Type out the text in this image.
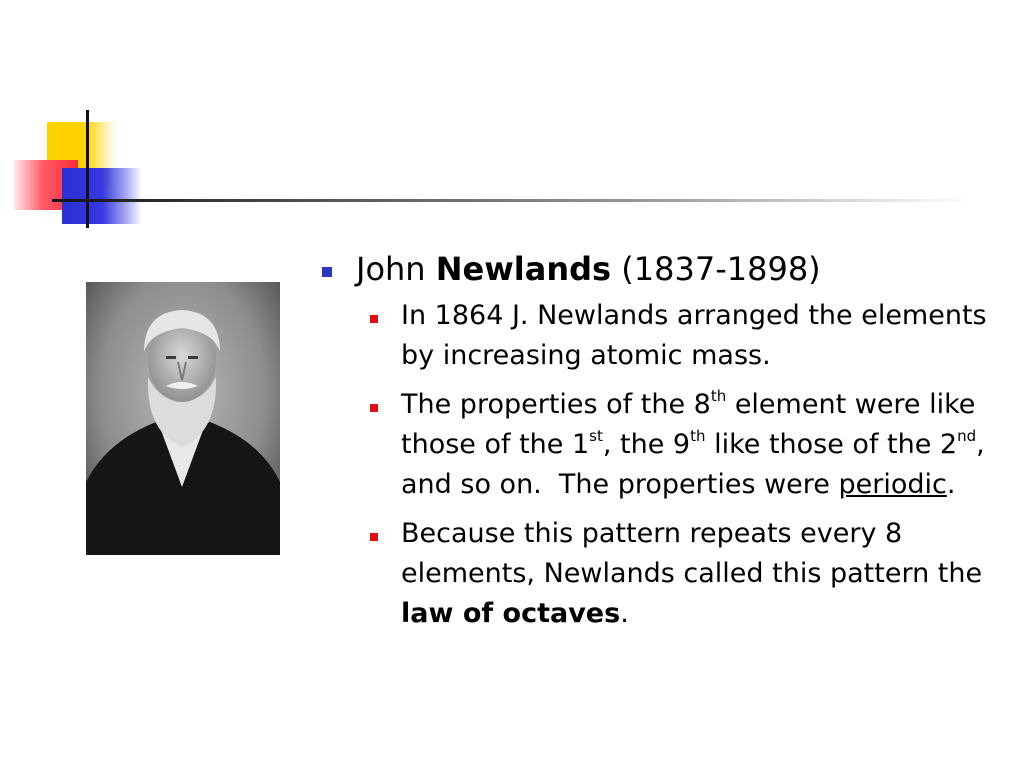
John Newlands (1837-1898)
In 1864 J. Newlands arranged the elements by increasing atomic mass.
The properties of the 8th element were like those of the 1st, the 9th like those of the 2nd, and so on.  The properties were periodic.
Because this pattern repeats every 8 elements, Newlands called this pattern the law of octaves.
